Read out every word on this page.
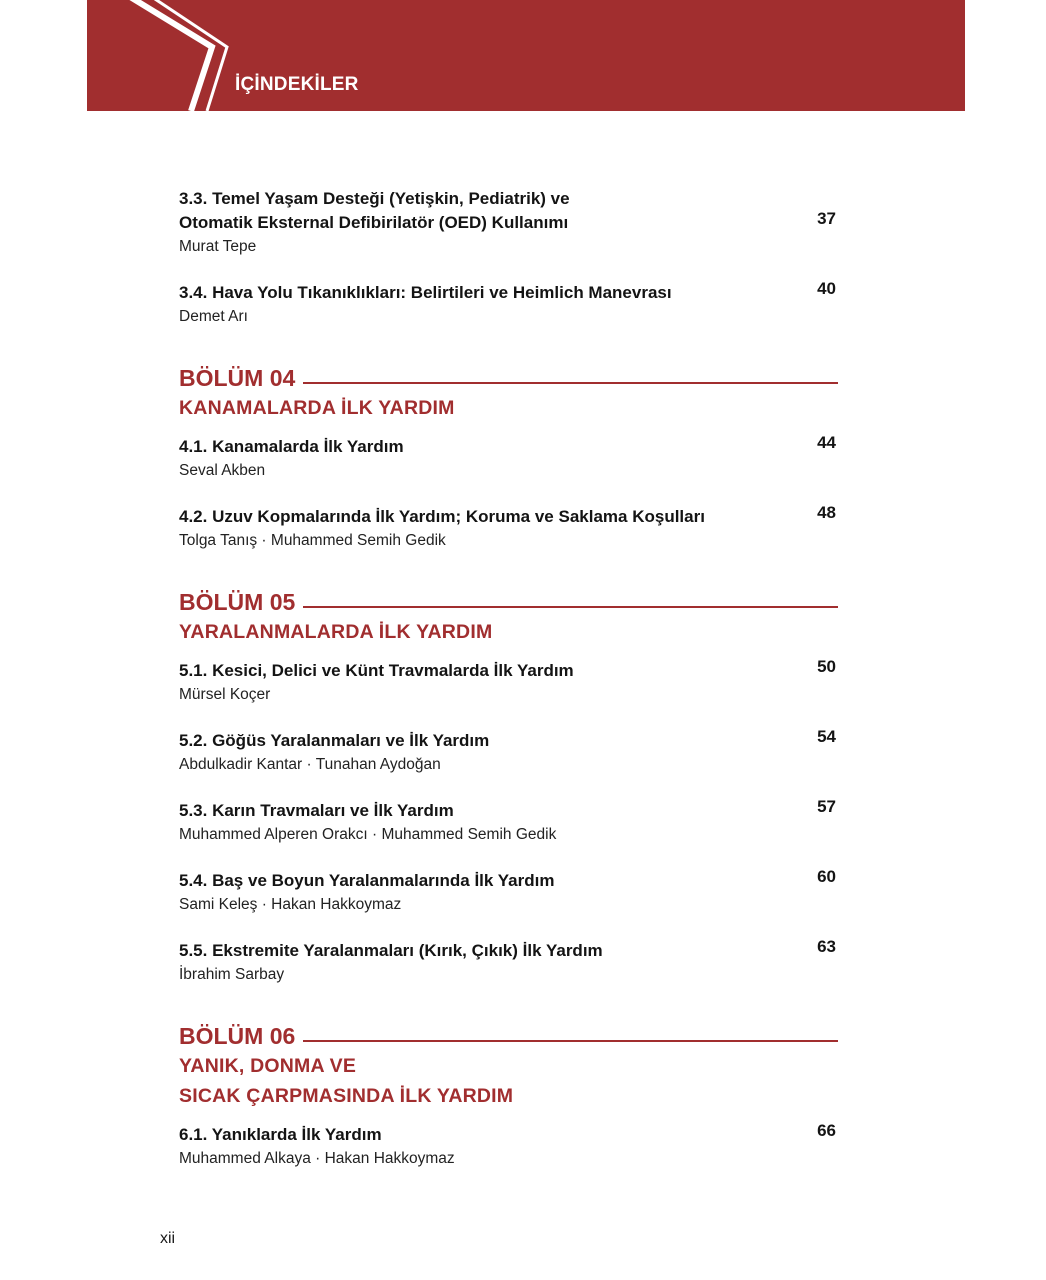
İÇİNDEKİLER
3.3. Temel Yaşam Desteği (Yetişkin, Pediatrik) ve
Otomatik Eksternal Defibirilatör (OED) Kullanımı	37
Murat Tepe
3.4. Hava Yolu Tıkanıklıkları: Belirtileri ve Heimlich Manevrası	40
Demet Arı
BÖLÜM 04
KANAMALARDA İLK YARDIM
4.1. Kanamalarda İlk Yardım	44
Seval Akben
4.2. Uzuv Kopmalarında İlk Yardım; Koruma ve Saklama Koşulları	48
Tolga Tanış · Muhammed Semih Gedik
BÖLÜM 05
YARALANMALARDA İLK YARDIM
5.1. Kesici, Delici ve Künt Travmalarda İlk Yardım	50
Mürsel Koçer
5.2. Göğüs Yaralanmaları ve İlk Yardım	54
Abdulkadir Kantar · Tunahan Aydoğan
5.3. Karın Travmaları ve İlk Yardım	57
Muhammed Alperen Orakcı · Muhammed Semih Gedik
5.4. Baş ve Boyun Yaralanmalarında İlk Yardım	60
Sami Keleş · Hakan Hakkoymaz
5.5. Ekstremite Yaralanmaları (Kırık, Çıkık) İlk Yardım	63
İbrahim Sarbay
BÖLÜM 06
YANIK, DONMA VE
SICAK ÇARPMASINDA İLK YARDIM
6.1. Yanıklarda İlk Yardım	66
Muhammed Alkaya · Hakan Hakkoymaz
xii
